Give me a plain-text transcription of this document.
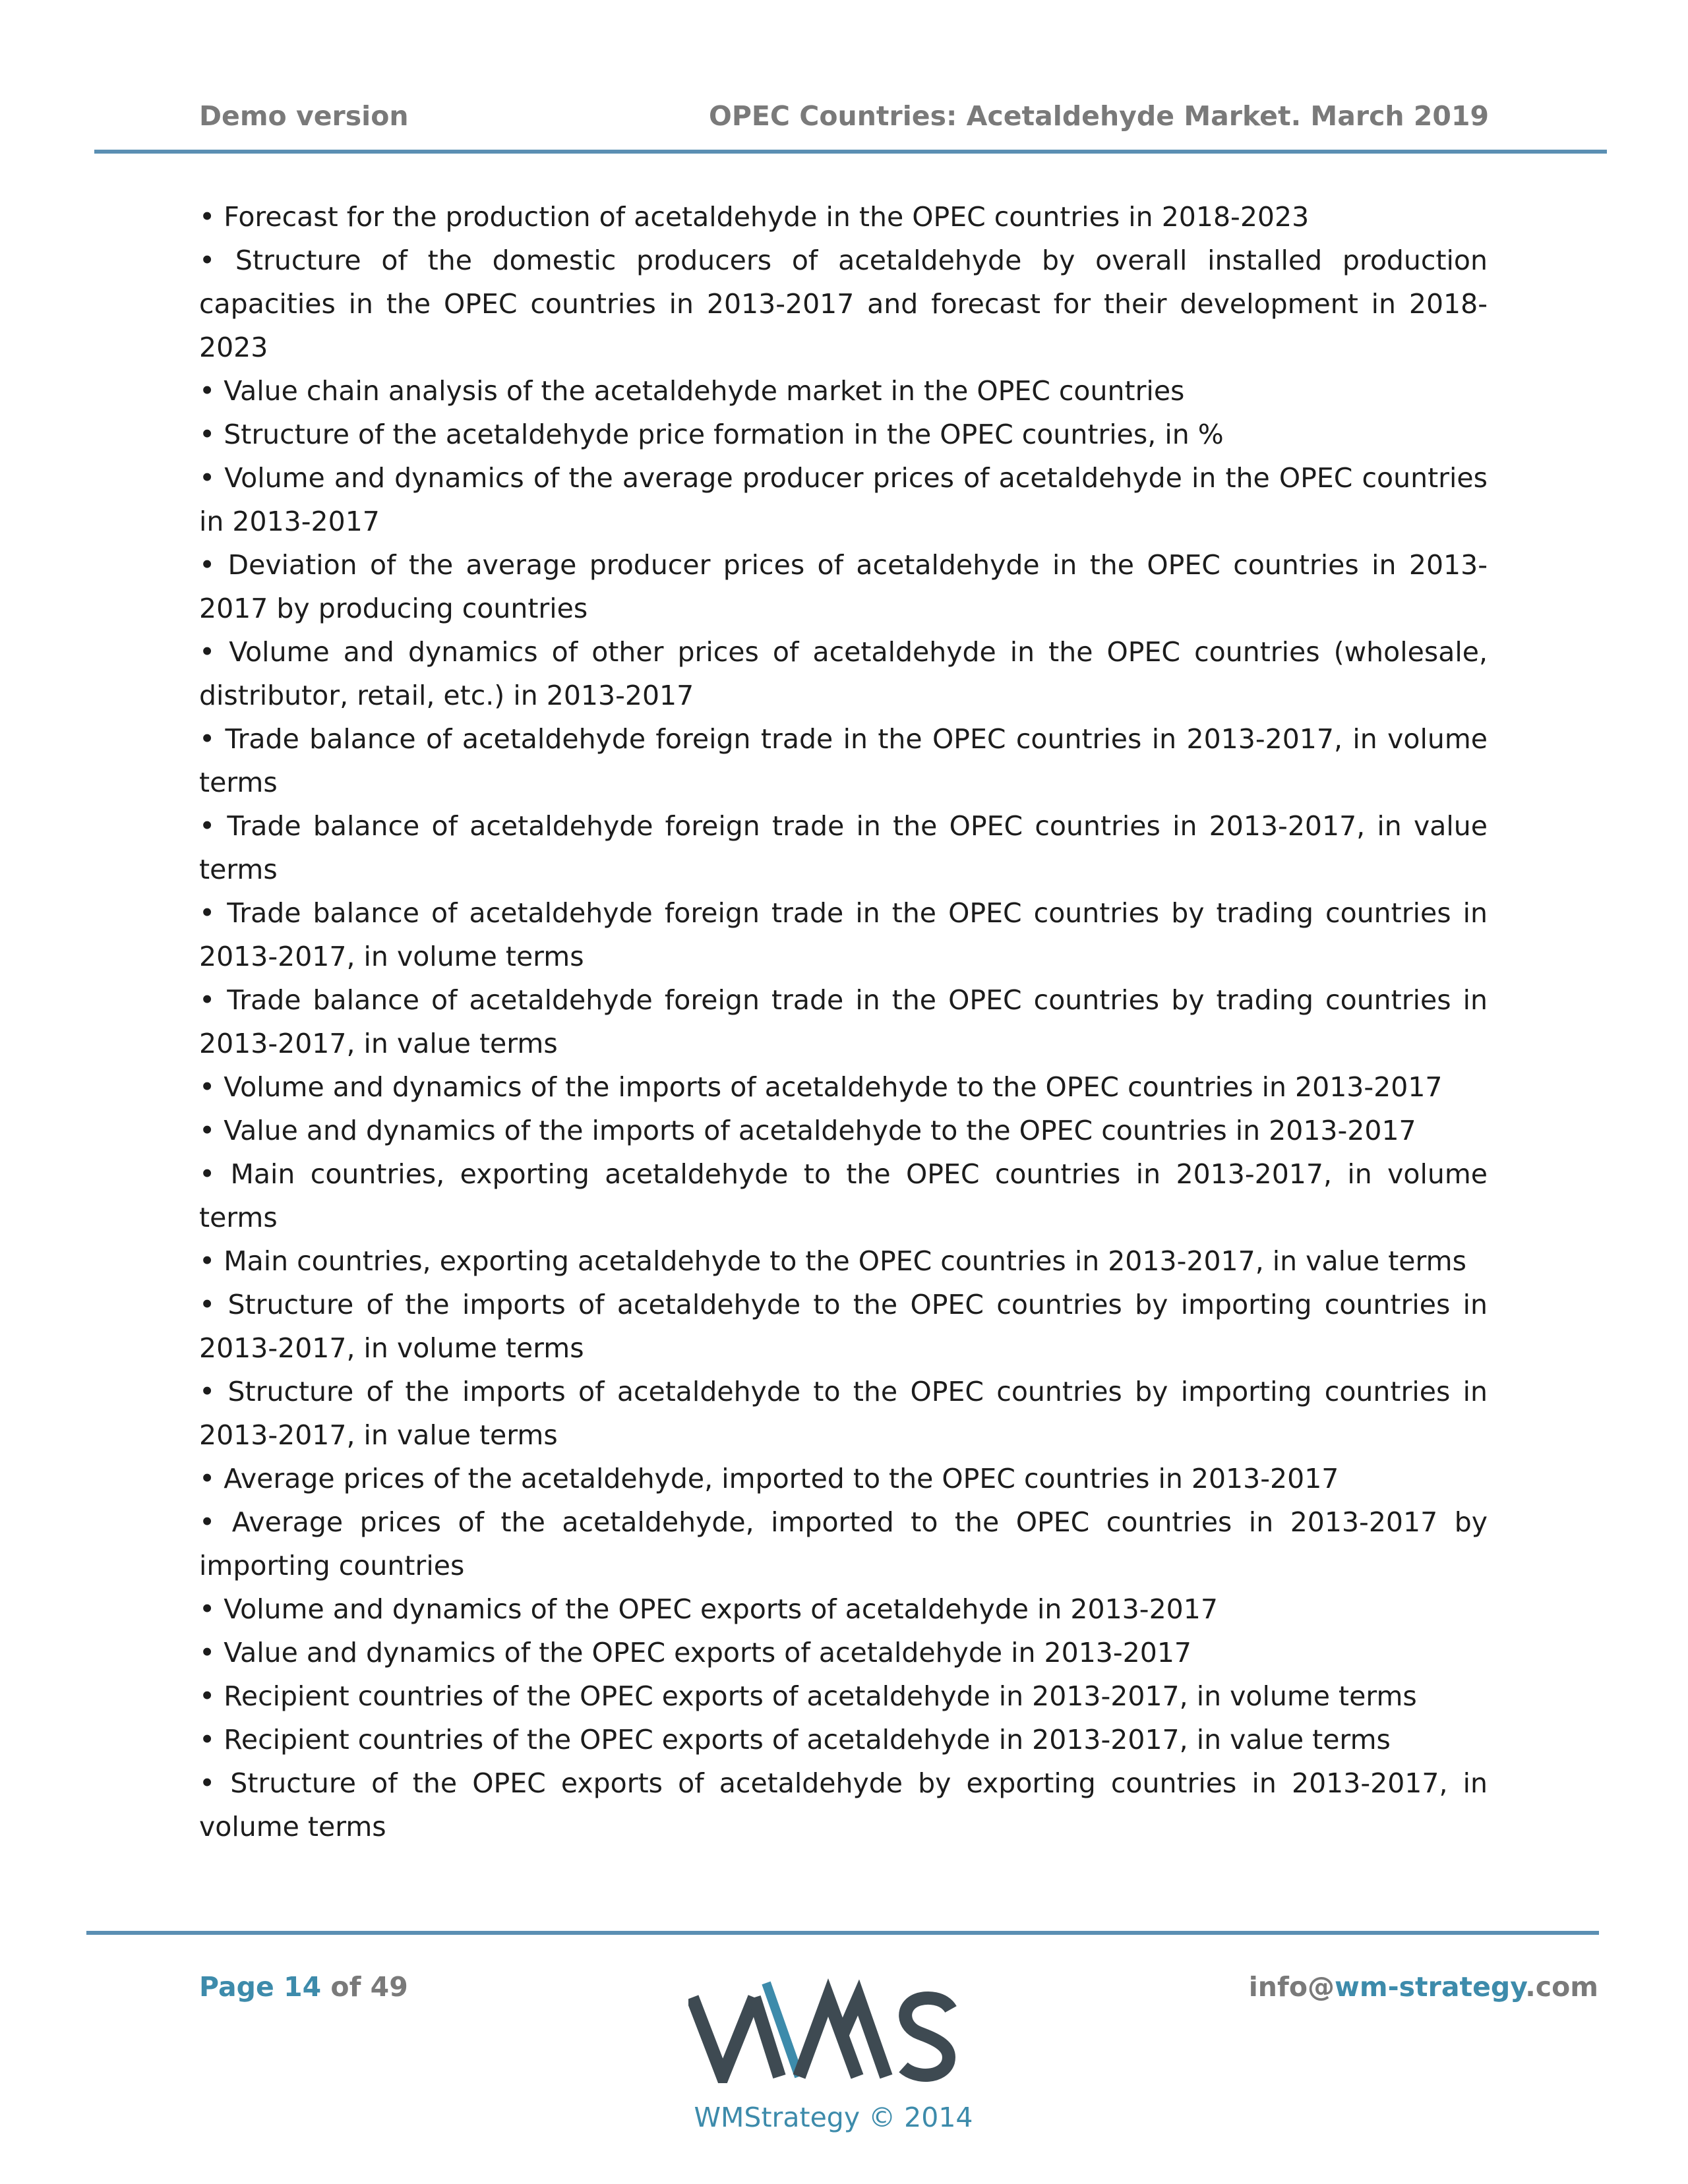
Demo version	OPEC Countries: Acetaldehyde Market. March 2019
• Forecast for the production of acetaldehyde in the OPEC countries in 2018-2023
• Structure of the domestic producers of acetaldehyde by overall installed production capacities in the OPEC countries in 2013-2017 and forecast for their development in 2018-2023
• Value chain analysis of the acetaldehyde market in the OPEC countries
• Structure of the acetaldehyde price formation in the OPEC countries, in %
• Volume and dynamics of the average producer prices of acetaldehyde in the OPEC countries in 2013-2017
• Deviation of the average producer prices of acetaldehyde in the OPEC countries in 2013-2017 by producing countries
• Volume and dynamics of other prices of acetaldehyde in the OPEC countries (wholesale, distributor, retail, etc.) in 2013-2017
• Trade balance of acetaldehyde foreign trade in the OPEC countries in 2013-2017, in volume terms
• Trade balance of acetaldehyde foreign trade in the OPEC countries in 2013-2017, in value terms
• Trade balance of acetaldehyde foreign trade in the OPEC countries by trading countries in 2013-2017, in volume terms
• Trade balance of acetaldehyde foreign trade in the OPEC countries by trading countries in 2013-2017, in value terms
• Volume and dynamics of the imports of acetaldehyde to the OPEC countries in 2013-2017
• Value and dynamics of the imports of acetaldehyde to the OPEC countries in 2013-2017
• Main countries, exporting acetaldehyde to the OPEC countries in 2013-2017, in volume terms
• Main countries, exporting acetaldehyde to the OPEC countries in 2013-2017, in value terms
• Structure of the imports of acetaldehyde to the OPEC countries by importing countries in 2013-2017, in volume terms
• Structure of the imports of acetaldehyde to the OPEC countries by importing countries in 2013-2017, in value terms
• Average prices of the acetaldehyde, imported to the OPEC countries in 2013-2017
• Average prices of the acetaldehyde, imported to the OPEC countries in 2013-2017 by importing countries
• Volume and dynamics of the OPEC exports of acetaldehyde in 2013-2017
• Value and dynamics of the OPEC exports of acetaldehyde in 2013-2017
• Recipient countries of the OPEC exports of acetaldehyde in 2013-2017, in volume terms
• Recipient countries of the OPEC exports of acetaldehyde in 2013-2017, in value terms
• Structure of the OPEC exports of acetaldehyde by exporting countries in 2013-2017, in volume terms
Page 14 of 49	info@wm-strategy.com
WMStrategy © 2014
